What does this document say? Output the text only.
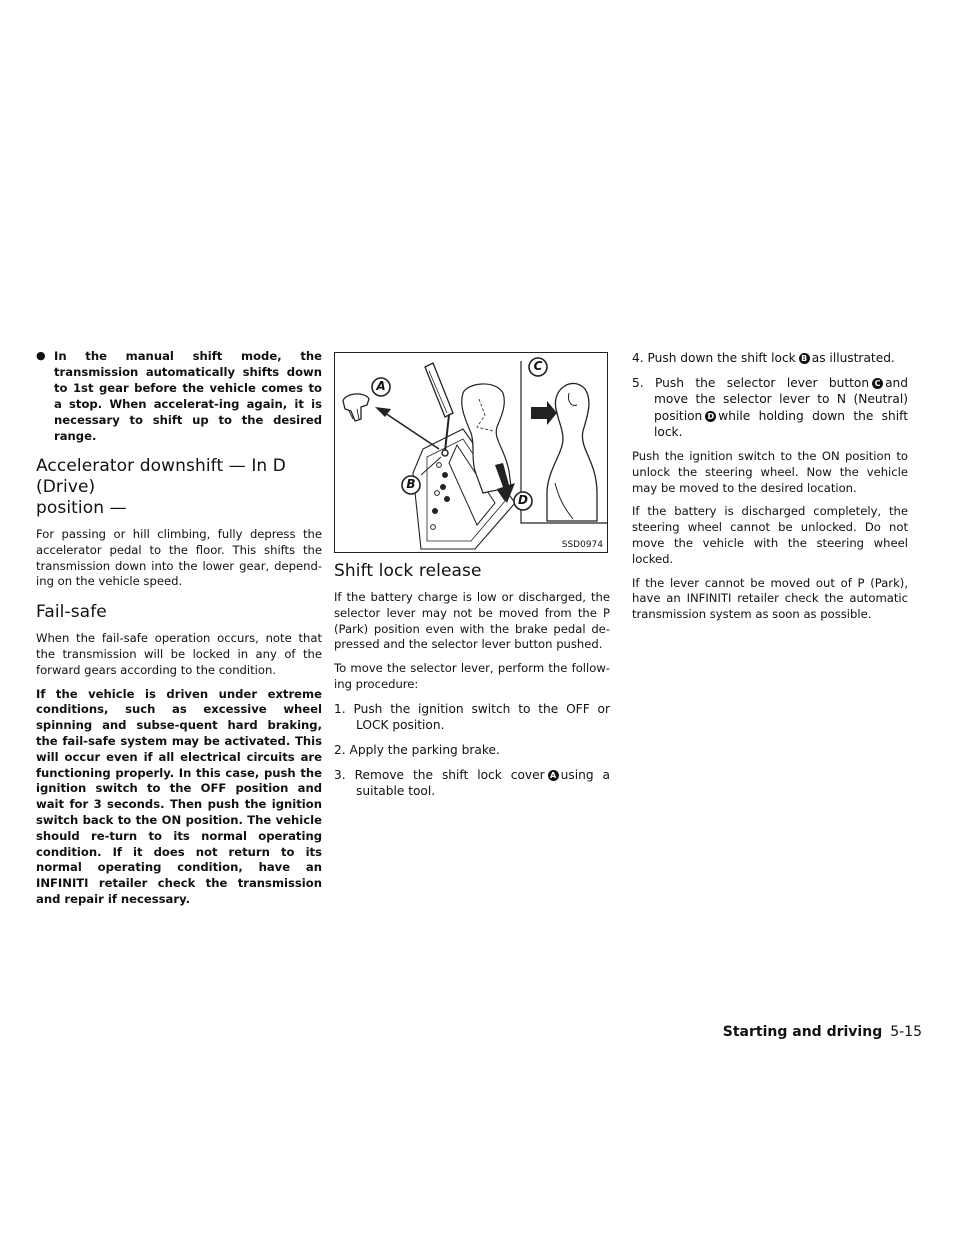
● In the manual shift mode, the transmission automatically shifts down to 1st gear before the vehicle comes to a stop. When accelerat-ing again, it is necessary to shift up to the desired range.
Accelerator downshift — In D (Drive)
position —

For passing or hill climbing, fully depress the accelerator pedal to the floor. This shifts the transmission down into the lower gear, depend-ing on the vehicle speed.

Fail-safe

When the fail-safe operation occurs, note that the transmission will be locked in any of the forward gears according to the condition.

If the vehicle is driven under extreme conditions, such as excessive wheel spinning and subse-quent hard braking, the fail-safe system may be activated. This will occur even if all electrical circuits are functioning properly. In this case, push the ignition switch to the OFF position and wait for 3 seconds. Then push the ignition switch back to the ON position. The vehicle should re-turn to its normal operating condition. If it does not return to its normal operating condition, have an INFINITI retailer check the transmission and repair if necessary.

A
C
B
D
SSD0974
Shift lock release

If the battery charge is low or discharged, the selector lever may not be moved from the P (Park) position even with the brake pedal de-pressed and the selector lever button pushed.

To move the selector lever, perform the follow-ing procedure:

1. Push the ignition switch to the OFF or LOCK position.

2. Apply the parking brake.

3. Remove the shift lock cover A using a suitable tool.

4. Push down the shift lock B as illustrated.

5. Push the selector lever button C and move the selector lever to N (Neutral) position D while holding down the shift lock.

Push the ignition switch to the ON position to unlock the steering wheel. Now the vehicle may be moved to the desired location.

If the battery is discharged completely, the steering wheel cannot be unlocked. Do not move the vehicle with the steering wheel locked.

If the lever cannot be moved out of P (Park), have an INFINITI retailer check the automatic transmission system as soon as possible.

Starting and driving 5-15
